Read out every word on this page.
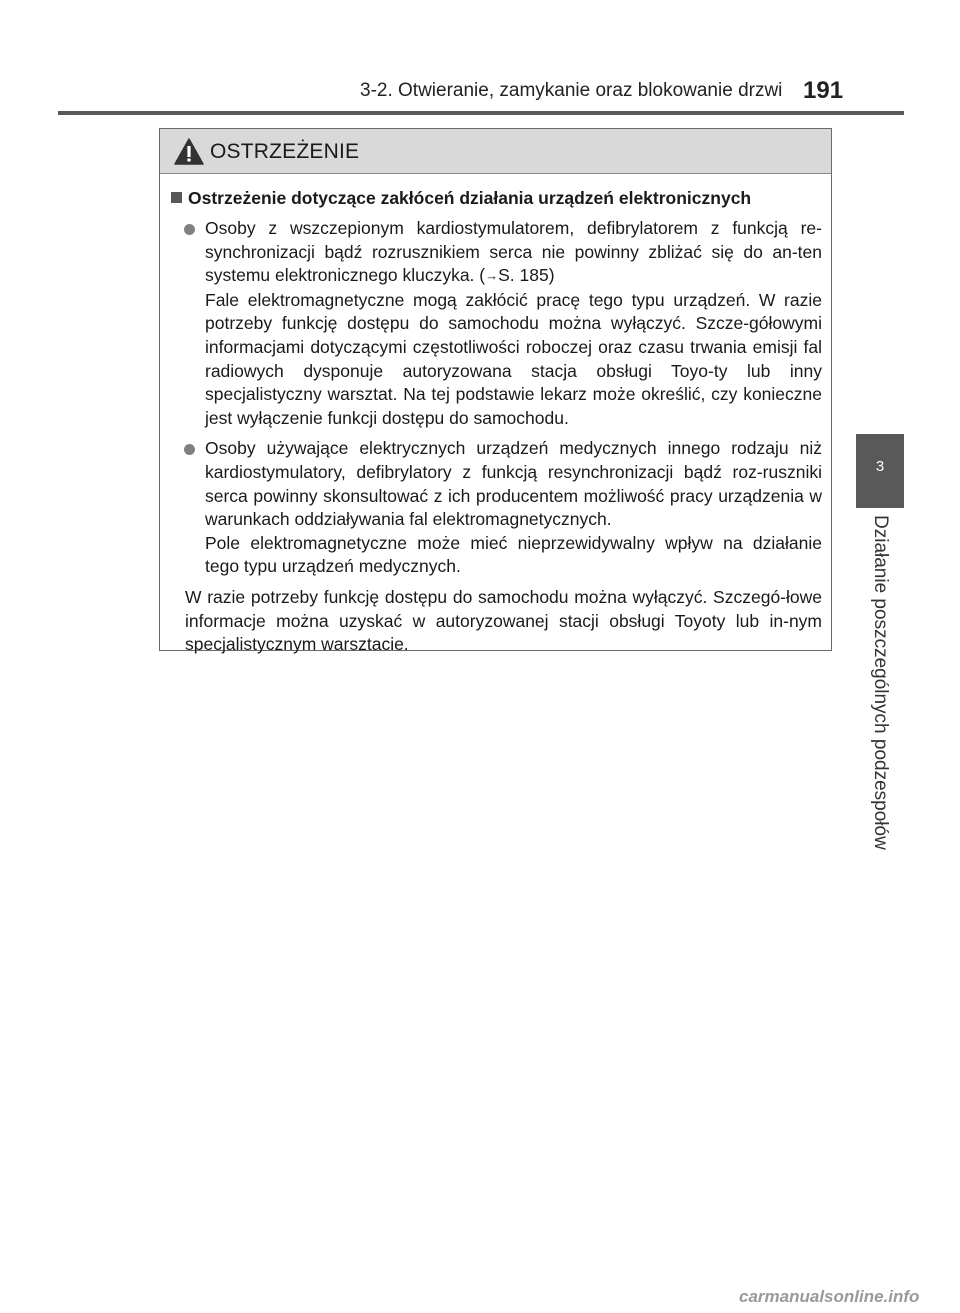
3-2. Otwieranie, zamykanie oraz blokowanie drzwi 191
3
Działanie poszczególnych podzespołów
OSTRZEŻENIE
Ostrzeżenie dotyczące zakłóceń działania urządzeń elektronicznych

Osoby z wszczepionym kardiostymulatorem, defibrylatorem z funkcją re-synchronizacji bądź rozrusznikiem serca nie powinny zbliżać się do an-ten systemu elektronicznego kluczyka. (→S. 185)

Fale elektromagnetyczne mogą zakłócić pracę tego typu urządzeń. W razie potrzeby funkcję dostępu do samochodu można wyłączyć. Szcze-gółowymi informacjami dotyczącymi częstotliwości roboczej oraz czasu trwania emisji fal radiowych dysponuje autoryzowana stacja obsługi Toyo-ty lub inny specjalistyczny warsztat. Na tej podstawie lekarz może określić, czy konieczne jest wyłączenie funkcji dostępu do samochodu.

Osoby używające elektrycznych urządzeń medycznych innego rodzaju niż kardiostymulatory, defibrylatory z funkcją resynchronizacji bądź roz-ruszniki serca powinny skonsultować z ich producentem możliwość pracy urządzenia w warunkach oddziaływania fal elektromagnetycznych.

Pole elektromagnetyczne może mieć nieprzewidywalny wpływ na działanie tego typu urządzeń medycznych.

W razie potrzeby funkcję dostępu do samochodu można wyłączyć. Szczegó-łowe informacje można uzyskać w autoryzowanej stacji obsługi Toyoty lub in-nym specjalistycznym warsztacie.

carmanualsonline.info
